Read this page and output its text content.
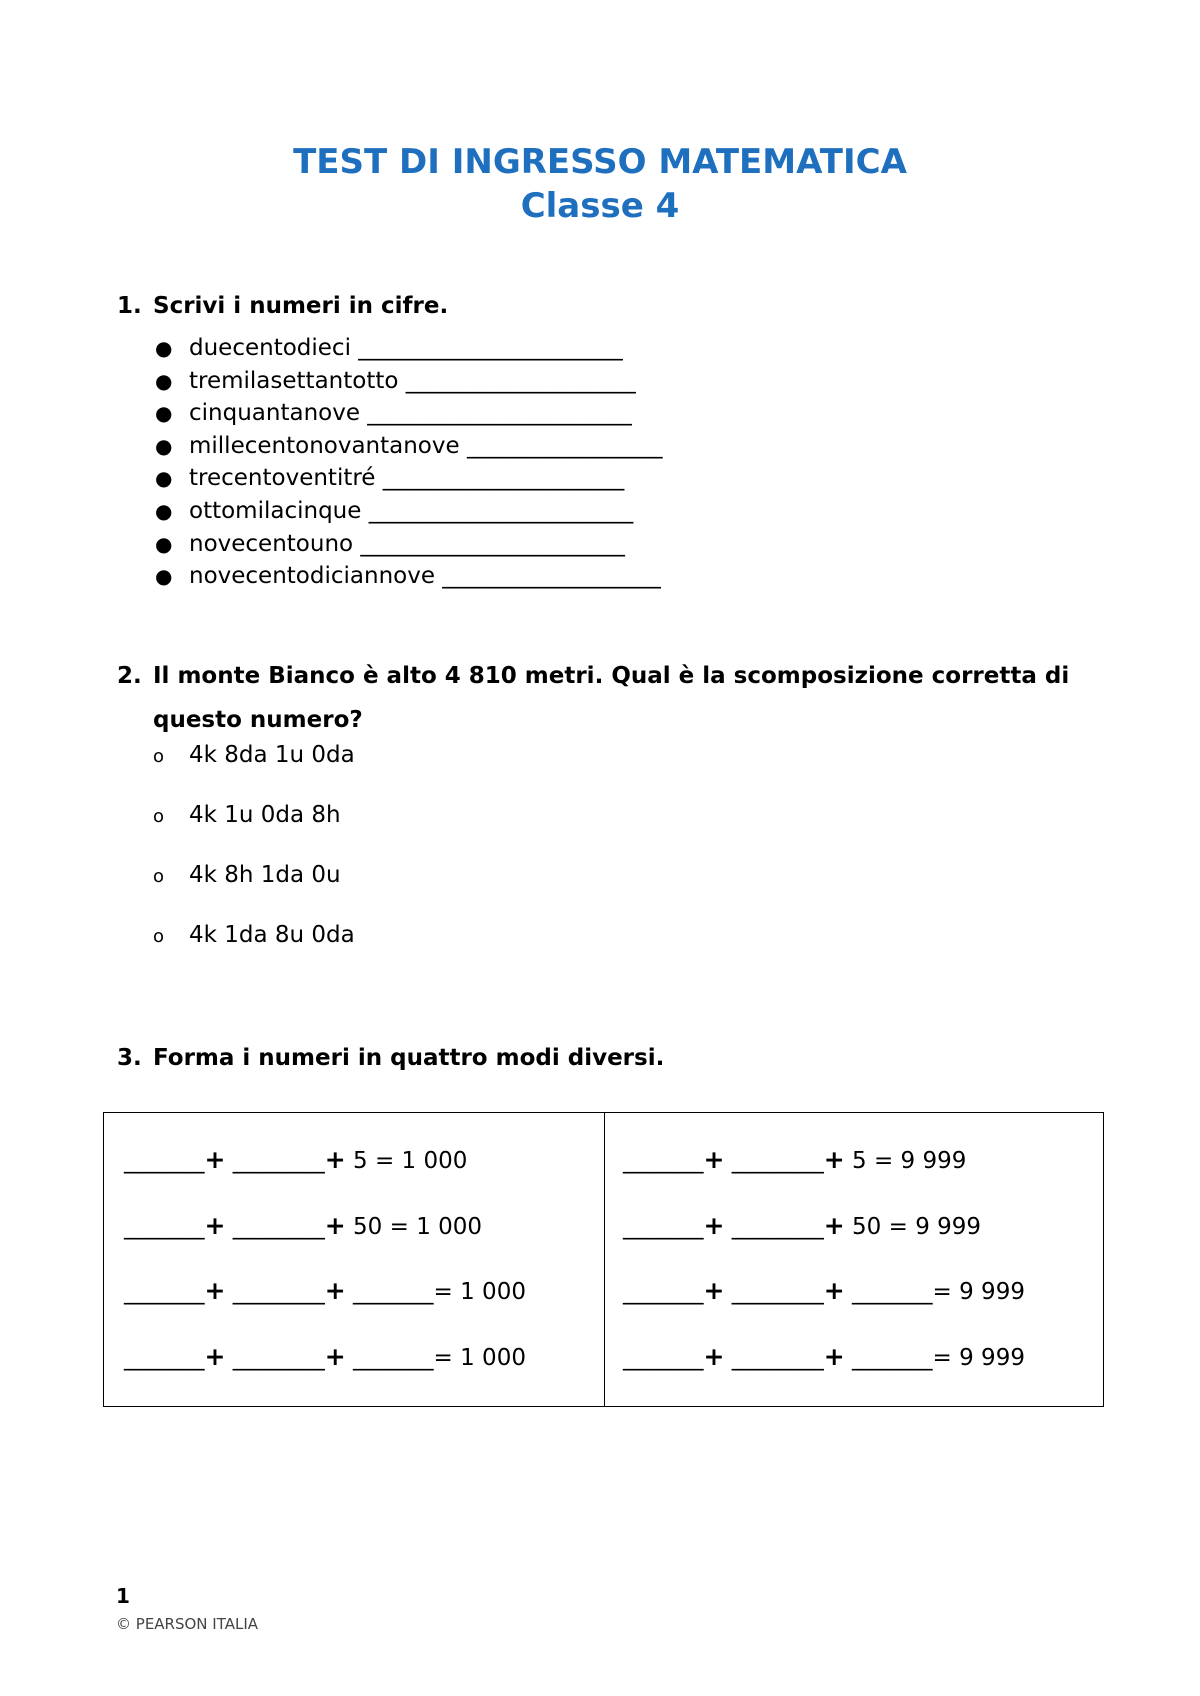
TEST DI INGRESSO MATEMATICA
Classe 4

1. Scrivi i numeri in cifre.

● duecentodieci _______________________
● tremilasettantotto ____________________
● cinquantanove _______________________
● millecentonovantanove _________________
● trecentoventitré _____________________
● ottomilacinque _______________________
● novecentouno _______________________
● novecentodiciannove ___________________

2. Il monte Bianco è alto 4 810 metri. Qual è la scomposizione corretta di questo numero?

o 4k 8da 1u 0da
o 4k 1u 0da 8h
o 4k 8h 1da 0u
o 4k 1da 8u 0da

3. Forma i numeri in quattro modi diversi.

_______+ ________+ 5 = 1 000
_______+ ________+ 50 = 1 000
_______+ ________+ _______= 1 000
_______+ ________+ _______= 1 000
_______+ ________+ 5 = 9 999
_______+ ________+ 50 = 9 999
_______+ ________+ _______= 9 999
_______+ ________+ _______= 9 999

1

© PEARSON ITALIA
